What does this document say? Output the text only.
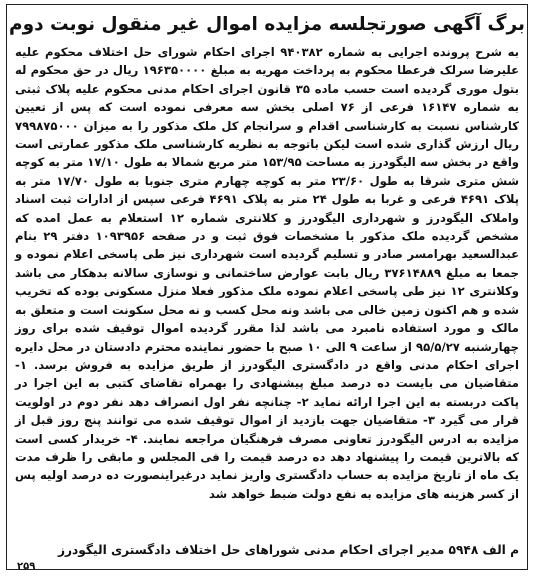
برگ آگهی صورتجلسه مزایده اموال غیر منقول نوبت دوم
به شرح پرونده اجرایی به شماره ۹۴۰۳۸۲ اجرای احکام شورای حل اختلاف محکوم علیه علیرضا سرلک فرعطا محکوم به پرداخت مهریه به مبلغ ۱۹۶۳۵۰۰۰۰ ریال در حق محکوم له بتول موری گردیده است حسب ماده ۳۵ قانون اجرای احکام مدنی محکوم علیه پلاک ثبتی به شماره ۱۶۱۴۷ فرعی از ۷۶ اصلی بخش سه معرفی نموده است که پس از تعیین کارشناس نسبت به کارشناسی اقدام و سرانجام کل ملک مذکور را به میزان ۷۹۹۸۷۵۰۰۰ ریال ارزش گذاری شده است لیکن باتوجه به نظریه کارشناسی ملک مذکور عمارتی است واقع در بخش سه الیگودرز به مساحت ۱۵۳/۹۵ متر مربع شمالا به طول ۱۷/۱۰ متر به کوچه شش متری شرقا به طول ۲۳/۶۰ متر به کوچه چهارم متری جنوبا به طول ۱۷/۷۰ متر به پلاک ۴۶۹۱ فرعی و غربا به طول ۲۴ متر به پلاک ۴۶۹۱ فرعی سپس از ادارات ثبت اسناد واملاک الیگودرز و شهرداری الیگودرز و کلانتری شماره ۱۲ استعلام به عمل امده که مشخص گردیده ملک مذکور با مشخصات فوق ثبت و در صفحه ۱۰۹۳۹۵۶ دفتر ۲۹ بنام عبدالسعید بهرامسر صادر و تسلیم گردیده است شهرداری نیز طی پاسخی اعلام نموده و جمعا به مبلغ ۳۷۶۱۴۸۸۹ ریال بابت عوارض ساختمانی و نوسازی سالانه بدهکار می باشد وکلانتری ۱۲ نیز طی پاسخی اعلام نموده ملک مذکور فعلا منزل مسکونی بوده که تخریب شده و هم اکنون زمین خالی می باشد ونه محل کسب و نه محل سکونت است و متعلق به مالک و مورد استفاده نامبرد می باشد لذا مقرر گردیده اموال توقیف شده برای روز چهارشنبه ۹۵/۵/۲۷ از ساعت ۹ الی ۱۰ صبح با حضور نماینده محترم دادستان در محل دایره اجرای احکام مدنی واقع در دادگستری الیگودرز از طریق مزایده به فروش برسد. ۱- متقاضیان می بایست ده درصد مبلغ پیشنهادی را بهمراه تقاضای کتبی به این اجرا در پاکت دربسته به این اجرا ارائه نماید ۲- چنانچه نفر اول انصراف دهد نفر دوم در اولویت قرار می گیرد ۳- متقاضیان جهت بازدید از اموال توقیف شده می توانند پنج روز قبل از مزایده به ادرس الیگودرز تعاونی مصرف فرهنگیان مراجعه نمایند. ۴- خریدار کسی است که بالاترین قیمت را پیشنهاد دهد ده درصد قیمت را فی المجلس و مابقی را ظرف مدت یک ماه از تاریخ مزایده به حساب دادگستری واریز نماید درغیراینصورت ده درصد اولیه پس از کسر هزینه های مزایده به نفع دولت ضبط خواهد شد
م الف ۵۹۴۸ مدیر اجرای احکام مدنی شوراهای حل اختلاف دادگستری الیگودرز
۲۵۹
